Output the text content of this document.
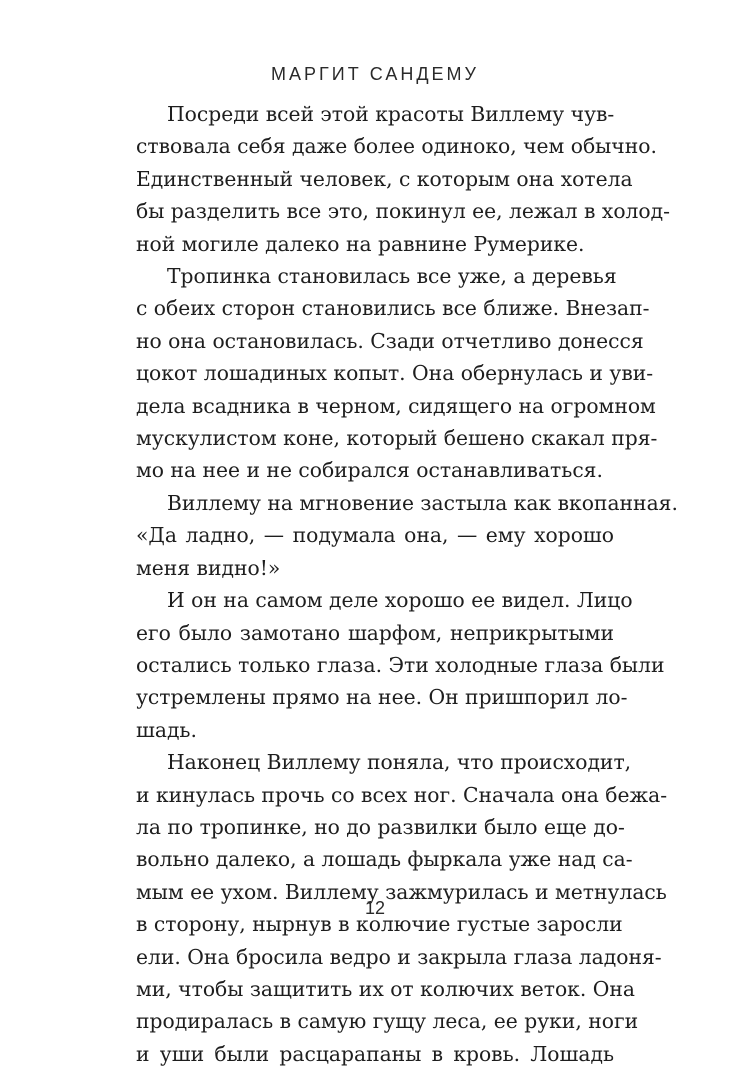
МАРГИТ САНДЕМУ

Посреди всей этой красоты Виллему чув-
ствовала себя даже более одиноко, чем обычно.
Единственный человек, с которым она хотела
бы разделить все это, покинул ее, лежал в холод-
ной могиле далеко на равнине Румерике.

Тропинка становилась все уже, а деревья
с обеих сторон становились все ближе. Внезап-
но она остановилась. Сзади отчетливо донесся
цокот лошадиных копыт. Она обернулась и уви-
дела всадника в черном, сидящего на огромном
мускулистом коне, который бешено скакал пря-
мо на нее и не собирался останавливаться.

Виллему на мгновение застыла как вкопанная.
«Да ладно, — подумала она, — ему хорошо
меня видно!»

И он на самом деле хорошо ее видел. Лицо
его было замотано шарфом, неприкрытыми
остались только глаза. Эти холодные глаза были
устремлены прямо на нее. Он пришпорил ло-
шадь.

Наконец Виллему поняла, что происходит,
и кинулась прочь со всех ног. Сначала она бежа-
ла по тропинке, но до развилки было еще до-
вольно далеко, а лошадь фыркала уже над са-
мым ее ухом. Виллему зажмурилась и метнулась
в сторону, нырнув в колючие густые заросли
ели. Она бросила ведро и закрыла глаза ладоня-
ми, чтобы защитить их от колючих веток. Она
продиралась в самую гущу леса, ее руки, ноги
и уши были расцарапаны в кровь. Лошадь

12
